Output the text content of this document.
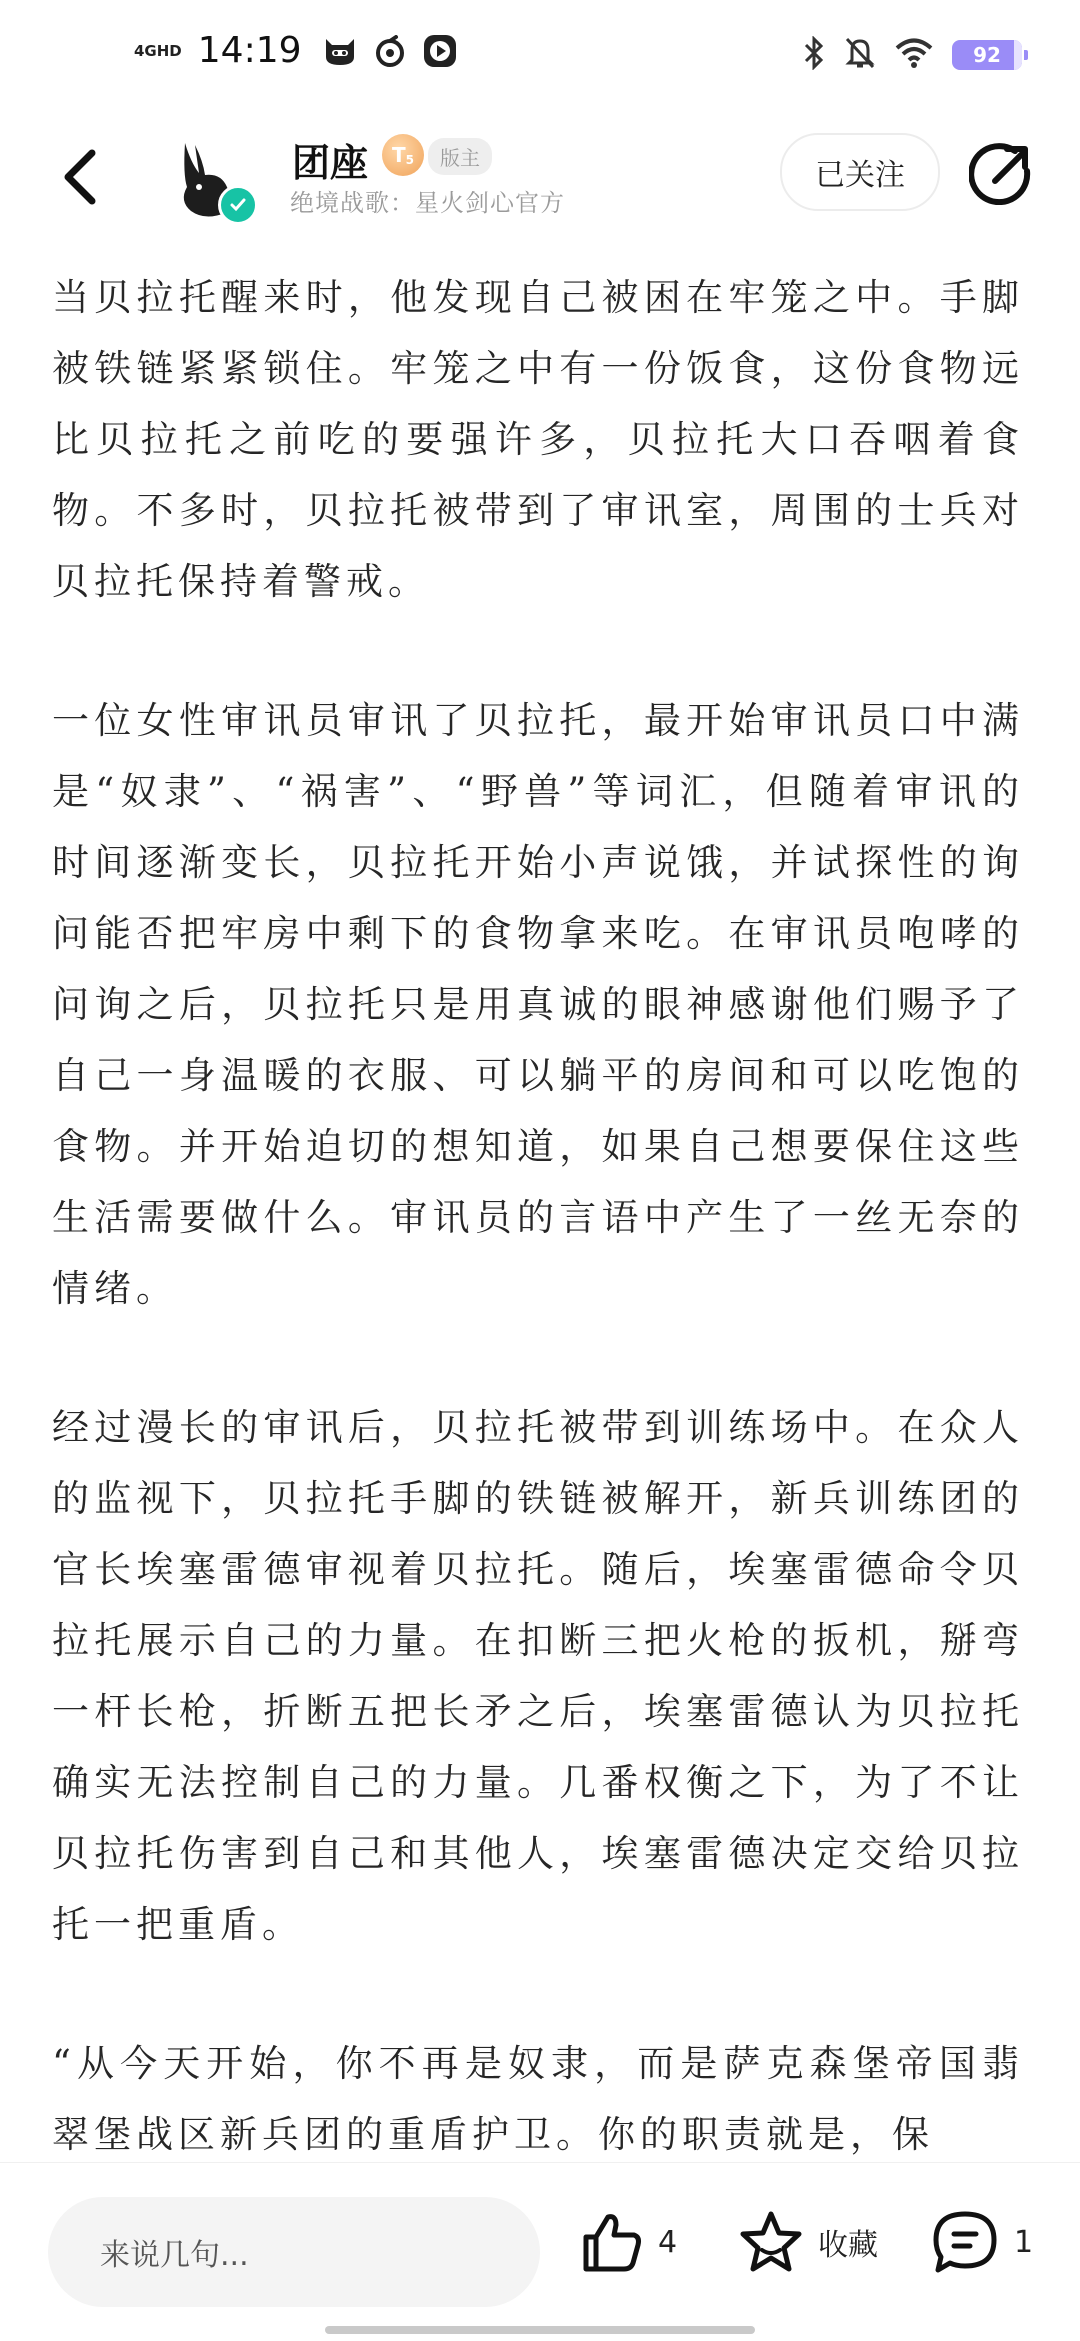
4GHD 14:19	92
团座 T 5	版主
绝境战歌：星火剑心官方
已关注

当贝拉托醒来时，他发现自己被困在牢笼之中。手脚被铁链紧紧锁住。牢笼之中有一份饭食，这份食物远比贝拉托之前吃的要强许多，贝拉托大口吞咽着食物。不多时，贝拉托被带到了审讯室，周围的士兵对贝拉托保持着警戒。

一位女性审讯员审讯了贝拉托，最开始审讯员口中满是“奴隶”、“祸害”、“野兽”等词汇，但随着审讯的时间逐渐变长，贝拉托开始小声说饿，并试探性的询问能否把牢房中剩下的食物拿来吃。在审讯员咆哮的问询之后，贝拉托只是用真诚的眼神感谢他们赐予了自己一身温暖的衣服、可以躺平的房间和可以吃饱的食物。并开始迫切的想知道，如果自己想要保住这些生活需要做什么。审讯员的言语中产生了一丝无奈的情绪。

经过漫长的审讯后，贝拉托被带到训练场中。在众人的监视下，贝拉托手脚的铁链被解开，新兵训练团的官长埃塞雷德审视着贝拉托。随后，埃塞雷德命令贝拉托展示自己的力量。在扣断三把火枪的扳机，掰弯一杆长枪，折断五把长矛之后，埃塞雷德认为贝拉托确实无法控制自己的力量。几番权衡之下，为了不让贝拉托伤害到自己和其他人，埃塞雷德决定交给贝拉托一把重盾。

“从今天开始，你不再是奴隶，而是萨克森堡帝国翡翠堡战区新兵团的重盾护卫。你的职责就是，保

来说几句...	4	收藏	1
